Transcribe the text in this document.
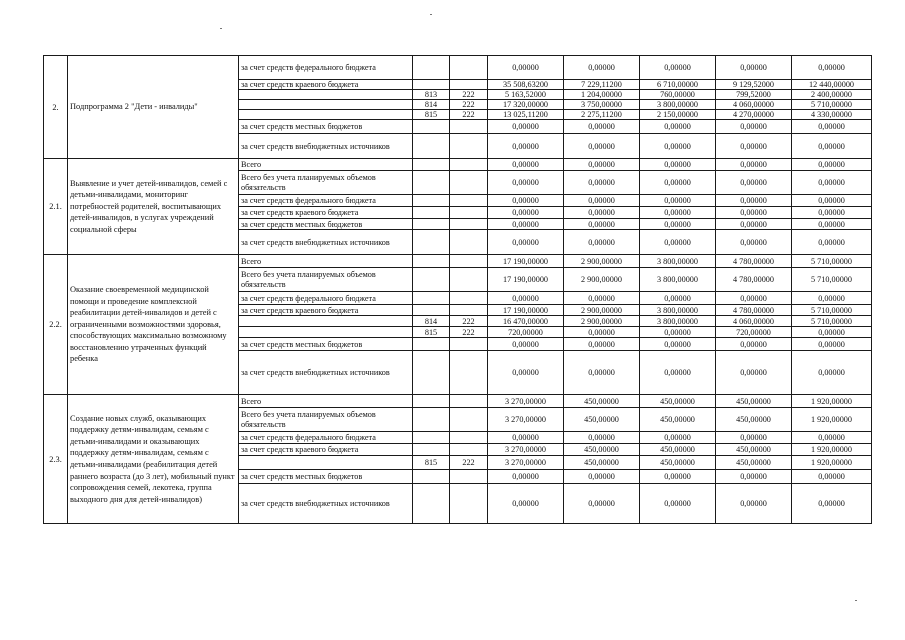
2.	Подпрограмма 2 "Дети - инвалиды"	за счет средств федерального бюджета			0,00000	0,00000	0,00000	0,00000	0,00000
		за счет средств краевого бюджета			35 508,63200	7 229,11200	6 710,00000	9 129,52000	12 440,00000
			813	222	5 163,52000	1 204,00000	760,00000	799,52000	2 400,00000
			814	222	17 320,00000	3 750,00000	3 800,00000	4 060,00000	5 710,00000
			815	222	13 025,11200	2 275,11200	2 150,00000	4 270,00000	4 330,00000
		за счет средств местных бюджетов			0,00000	0,00000	0,00000	0,00000	0,00000
		за счет средств внебюджетных источников			0,00000	0,00000	0,00000	0,00000	0,00000
2.1.	Выявление и учет детей-инвалидов, семей с детьми-инвалидами, мониторинг потребностей родителей, воспитывающих детей-инвалидов, в услугах учреждений социальной сферы	Всего			0,00000	0,00000	0,00000	0,00000	0,00000
		Всего без учета планируемых объемов обязательств			0,00000	0,00000	0,00000	0,00000	0,00000
		за счет средств федерального бюджета			0,00000	0,00000	0,00000	0,00000	0,00000
		за счет средств краевого бюджета			0,00000	0,00000	0,00000	0,00000	0,00000
		за счет средств местных бюджетов			0,00000	0,00000	0,00000	0,00000	0,00000
		за счет средств внебюджетных источников			0,00000	0,00000	0,00000	0,00000	0,00000
2.2.	Оказание своевременной медицинской помощи и проведение комплексной реабилитации детей-инвалидов и детей с ограниченными возможностями здоровья, способствующих максимально возможному восстановлению утраченных функций ребенка	Всего			17 190,00000	2 900,00000	3 800,00000	4 780,00000	5 710,00000
		Всего без учета планируемых объемов обязательств			17 190,00000	2 900,00000	3 800,00000	4 780,00000	5 710,00000
		за счет средств федерального бюджета			0,00000	0,00000	0,00000	0,00000	0,00000
		за счет средств краевого бюджета			17 190,00000	2 900,00000	3 800,00000	4 780,00000	5 710,00000
			814	222	16 470,00000	2 900,00000	3 800,00000	4 060,00000	5 710,00000
			815	222	720,00000	0,00000	0,00000	720,00000	0,00000
		за счет средств местных бюджетов			0,00000	0,00000	0,00000	0,00000	0,00000
		за счет средств внебюджетных источников			0,00000	0,00000	0,00000	0,00000	0,00000
2.3.	Создание новых служб, оказывающих поддержку детям-инвалидам, семьям с детьми-инвалидами и оказывающих поддержку детям-инвалидам, семьям с детьми-инвалидами (реабилитация детей раннего возраста (до 3 лет), мобильный пункт сопровождения семей, лекотека, группа выходного дня для детей-инвалидов)	Всего			3 270,00000	450,00000	450,00000	450,00000	1 920,00000
		Всего без учета планируемых объемов обязательств			3 270,00000	450,00000	450,00000	450,00000	1 920,00000
		за счет средств федерального бюджета			0,00000	0,00000	0,00000	0,00000	0,00000
		за счет средств краевого бюджета			3 270,00000	450,00000	450,00000	450,00000	1 920,00000
			815	222	3 270,00000	450,00000	450,00000	450,00000	1 920,00000
		за счет средств местных бюджетов			0,00000	0,00000	0,00000	0,00000	0,00000
		за счет средств внебюджетных источников			0,00000	0,00000	0,00000	0,00000	0,00000
